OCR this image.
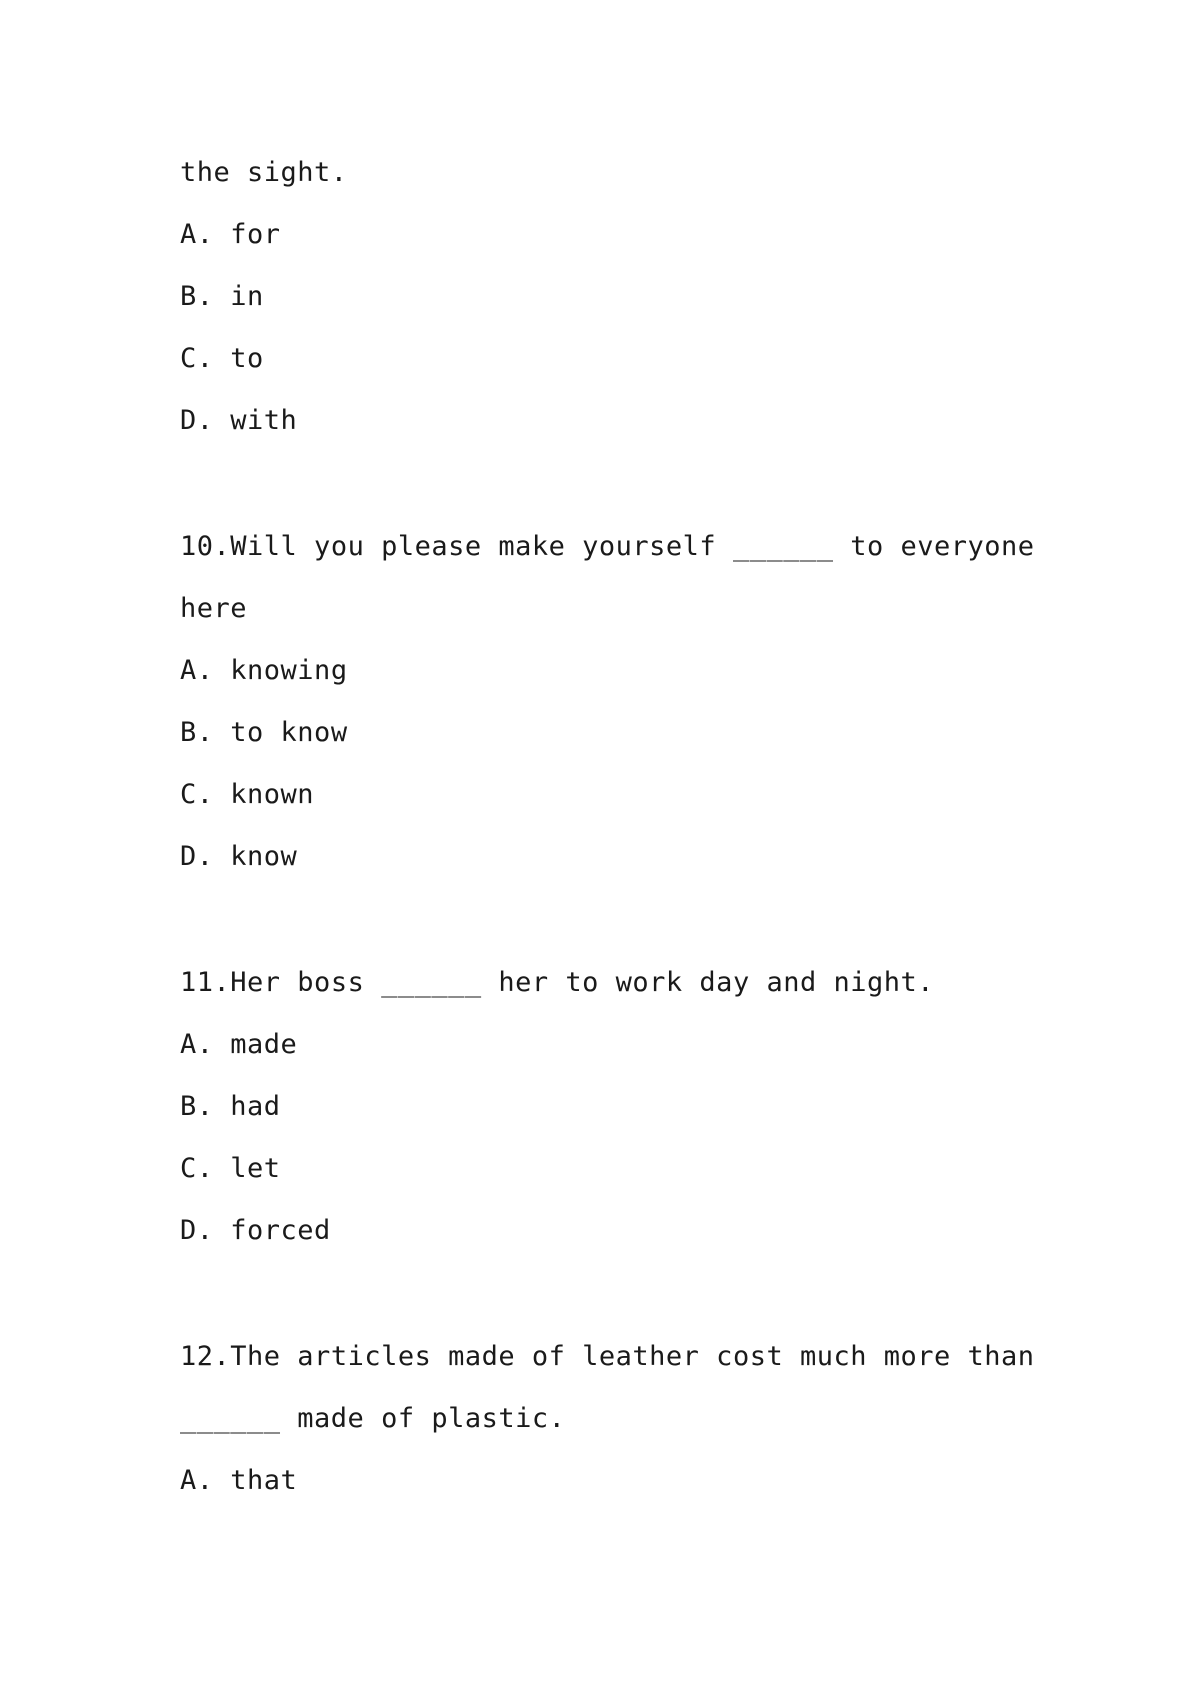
the sight.
A. for
B. in
C. to
D. with
10.Will you please make yourself ______ to everyone
here
A. knowing
B. to know
C. known
D. know
11.Her boss ______ her to work day and night.
A. made
B. had
C. let
D. forced
12.The articles made of leather cost much more than
______ made of plastic.
A. that
